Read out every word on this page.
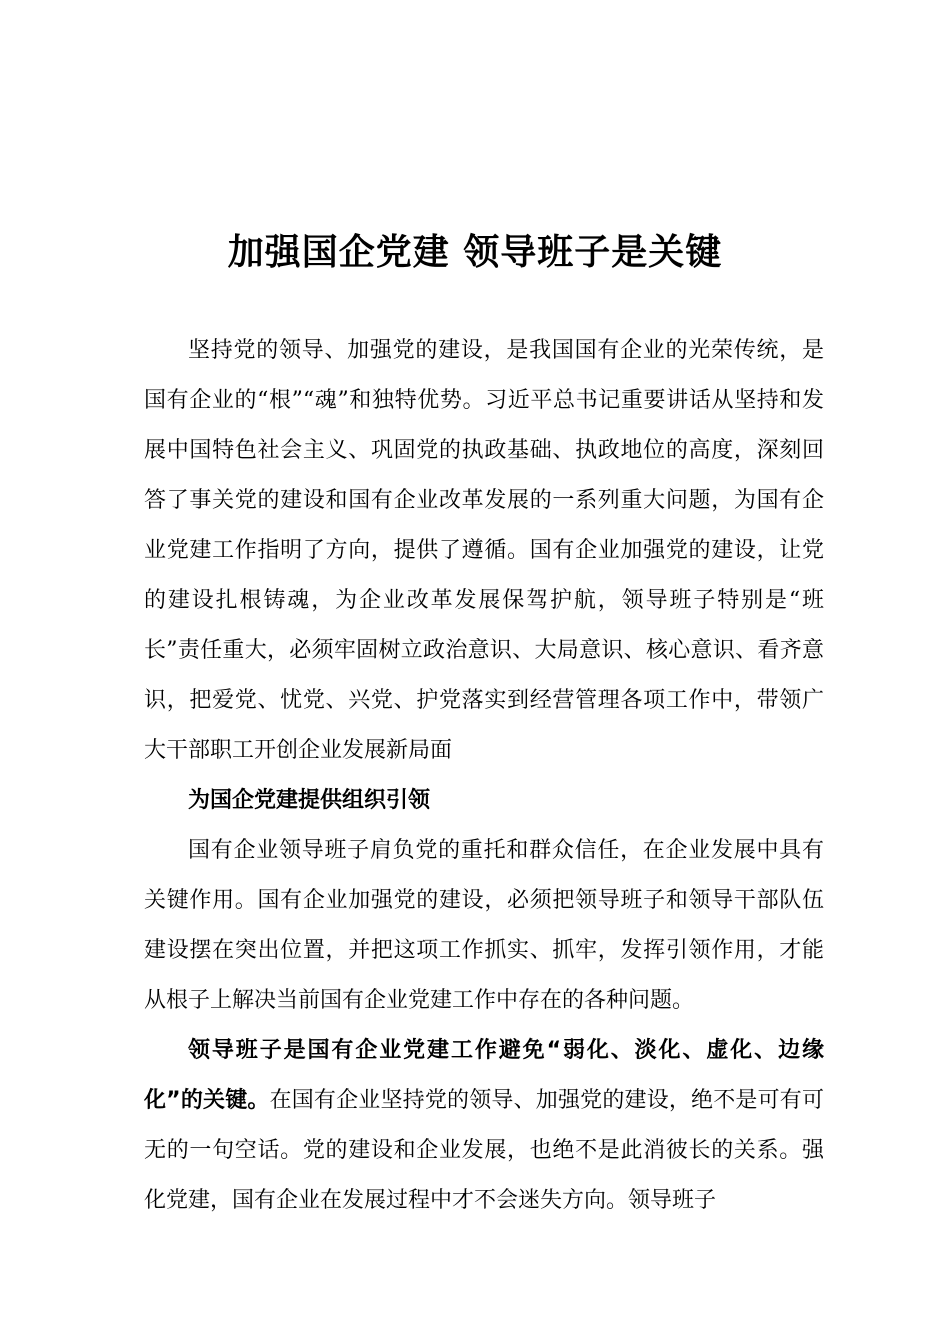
加强国企党建 领导班子是关键

坚持党的领导、加强党的建设，是我国国有企业的光荣传统，是国有企业的“根”“魂”和独特优势。习近平总书记重要讲话从坚持和发展中国特色社会主义、巩固党的执政基础、执政地位的高度，深刻回答了事关党的建设和国有企业改革发展的一系列重大问题，为国有企业党建工作指明了方向，提供了遵循。国有企业加强党的建设，让党的建设扎根铸魂，为企业改革发展保驾护航，领导班子特别是“班长”责任重大，必须牢固树立政治意识、大局意识、核心意识、看齐意识，把爱党、忧党、兴党、护党落实到经营管理各项工作中，带领广大干部职工开创企业发展新局面

为国企党建提供组织引领

国有企业领导班子肩负党的重托和群众信任，在企业发展中具有关键作用。国有企业加强党的建设，必须把领导班子和领导干部队伍建设摆在突出位置，并把这项工作抓实、抓牢，发挥引领作用，才能从根子上解决当前国有企业党建工作中存在的各种问题。

领导班子是国有企业党建工作避免“弱化、淡化、虚化、边缘化”的关键。在国有企业坚持党的领导、加强党的建设，绝不是可有可无的一句空话。党的建设和企业发展，也绝不是此消彼长的关系。强化党建，国有企业在发展过程中才不会迷失方向。领导班子
